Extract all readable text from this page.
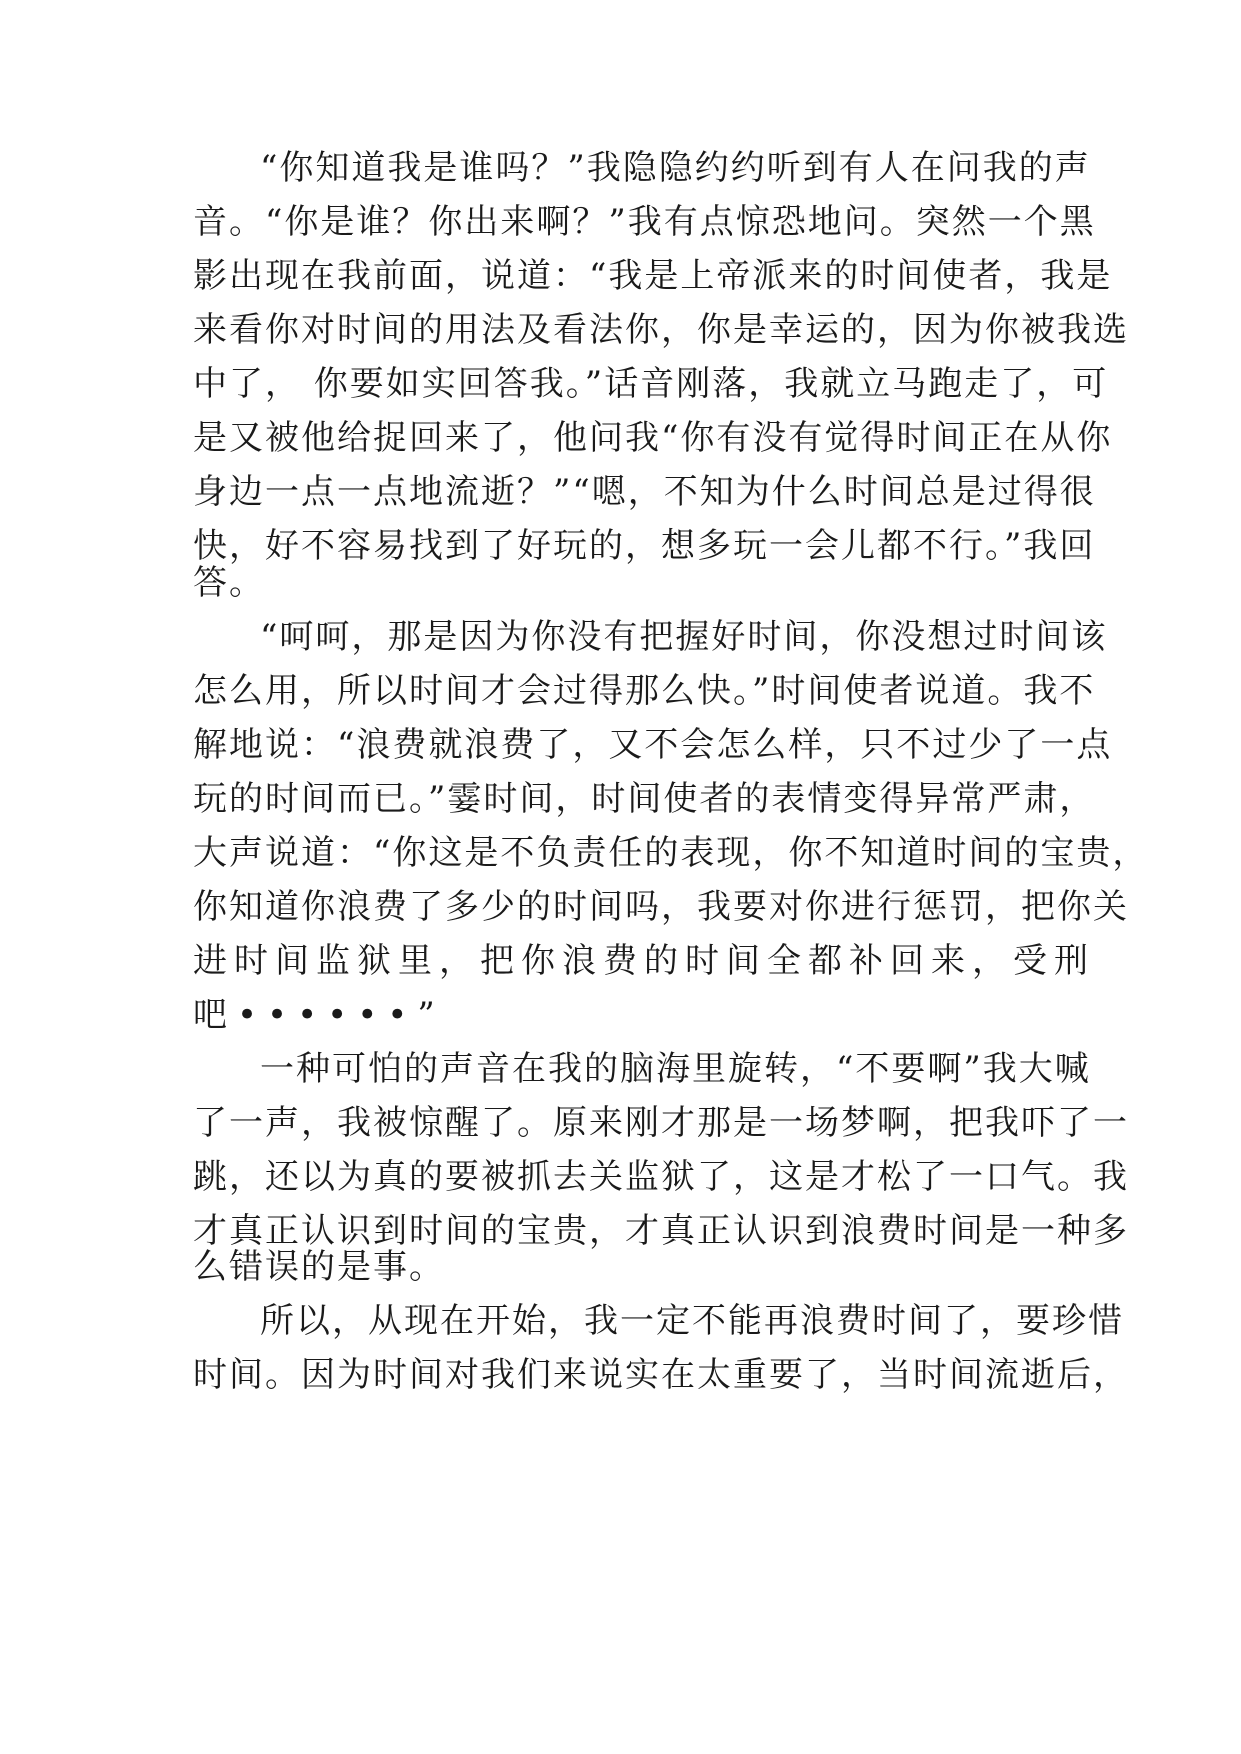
“你知道我是谁吗？”我隐隐约约听到有人在问我的声

音。“你是谁？你出来啊？”我有点惊恐地问。突然一个黑

影出现在我前面，说道：“我是上帝派来的时间使者，我是

来看你对时间的用法及看法你，你是幸运的，因为你被我选

中了， 你要如实回答我。”话音刚落，我就立马跑走了，可

是又被他给捉回来了，他问我“你有没有觉得时间正在从你

身边一点一点地流逝？”“嗯，不知为什么时间总是过得很

快，好不容易找到了好玩的，想多玩一会儿都不行。”我回

答。

“呵呵，那是因为你没有把握好时间，你没想过时间该

怎么用，所以时间才会过得那么快。”时间使者说道。我不

解地说：“浪费就浪费了，又不会怎么样，只不过少了一点

玩的时间而已。”霎时间，时间使者的表情变得异常严肃，

大声说道：“你这是不负责任的表现，你不知道时间的宝贵，

你知道你浪费了多少的时间吗，我要对你进行惩罚，把你关

进时间监狱里，把你浪费的时间全都补回来，受刑

吧••••••”

一种可怕的声音在我的脑海里旋转，“不要啊”我大喊

了一声，我被惊醒了。原来刚才那是一场梦啊，把我吓了一

跳，还以为真的要被抓去关监狱了，这是才松了一口气。我

才真正认识到时间的宝贵，才真正认识到浪费时间是一种多

么错误的是事。

所以，从现在开始，我一定不能再浪费时间了，要珍惜

时间。因为时间对我们来说实在太重要了，当时间流逝后，
